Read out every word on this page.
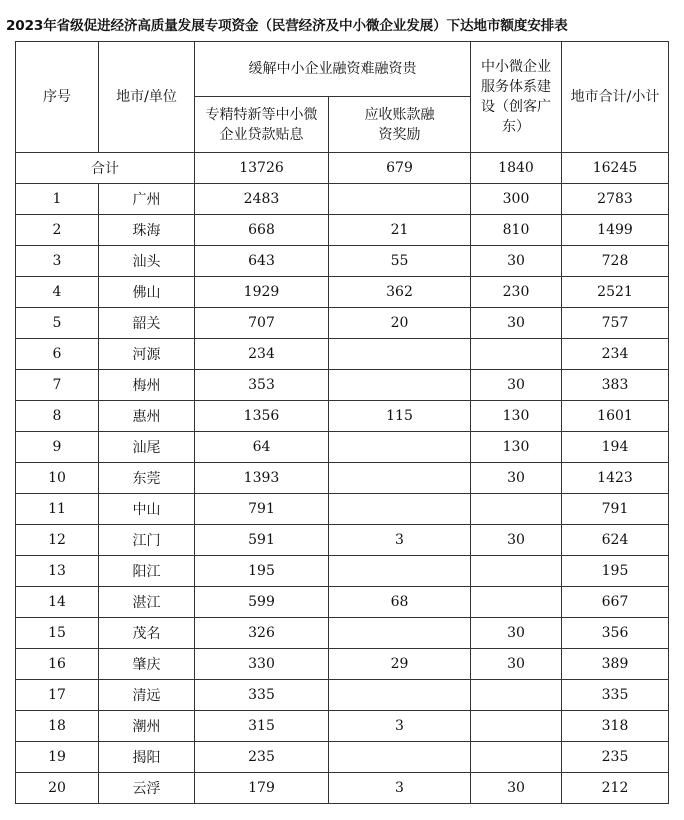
2023年省级促进经济高质量发展专项资金（民营经济及中小微企业发展）下达地市额度安排表
序号	地市/单位	缓解中小企业融资难融资贵		中小微企业服务体系建设（创客广东）	地市合计/小计
		专精特新等中小微企业贷款贴息	应收账款融资奖励		
合计		13726	679	1840	16245
1	广州	2483		300	2783
2	珠海	668	21	810	1499
3	汕头	643	55	30	728
4	佛山	1929	362	230	2521
5	韶关	707	20	30	757
6	河源	234			234
7	梅州	353		30	383
8	惠州	1356	115	130	1601
9	汕尾	64		130	194
10	东莞	1393		30	1423
11	中山	791			791
12	江门	591	3	30	624
13	阳江	195			195
14	湛江	599	68		667
15	茂名	326		30	356
16	肇庆	330	29	30	389
17	清远	335			335
18	潮州	315	3		318
19	揭阳	235			235
20	云浮	179	3	30	212
